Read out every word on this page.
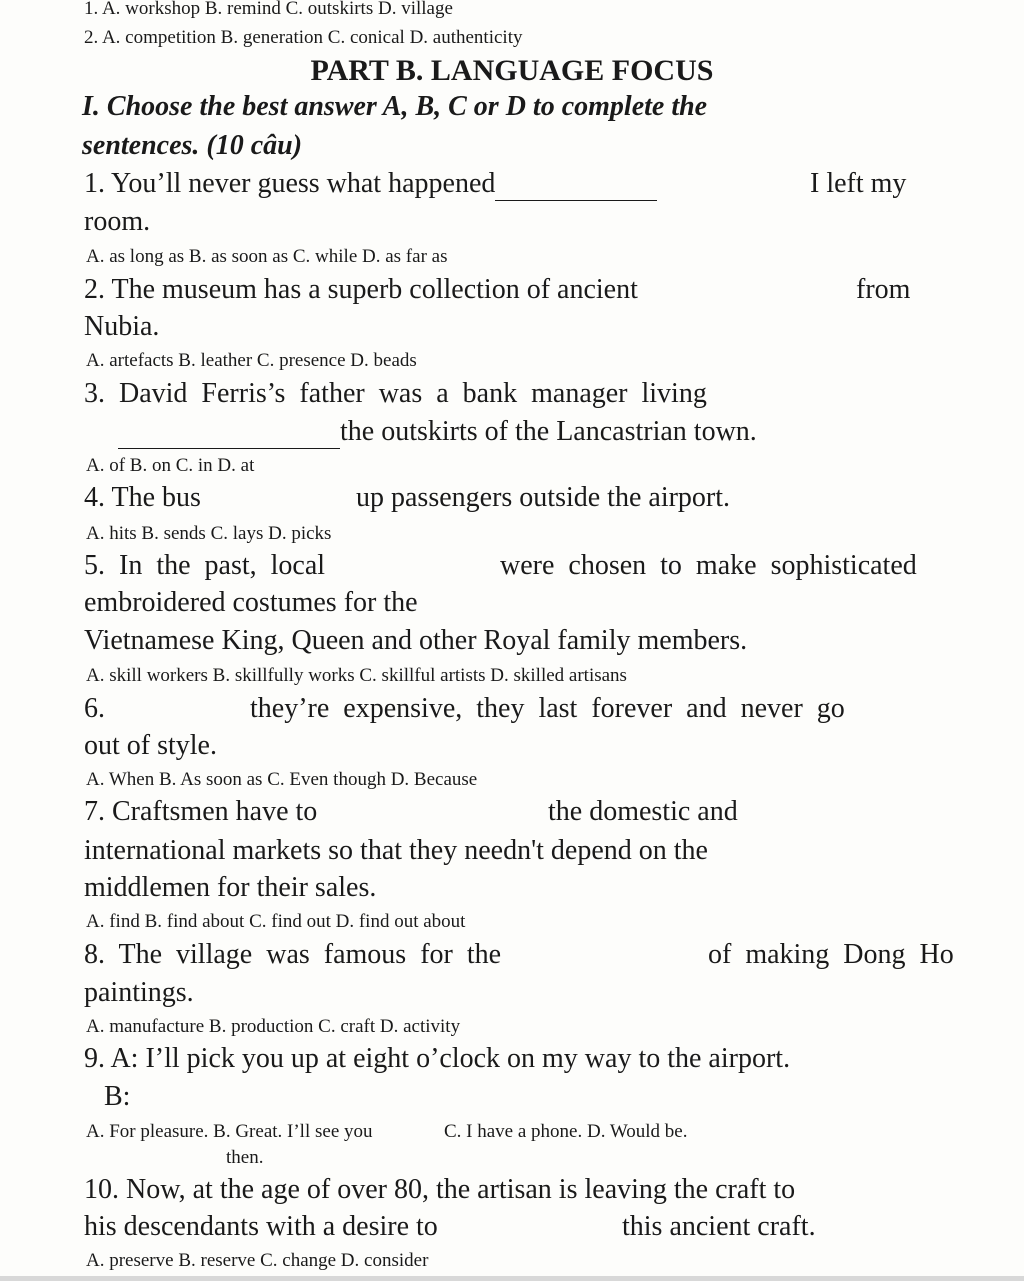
1. A. workshop B. remind C. outskirts D. village
2. A. competition B. generation C. conical D. authenticity
PART B. LANGUAGE FOCUS
I. Choose the best answer A, B, C or D to complete the
sentences. (10 câu)
1. You’ll never guess what happened	I left my
room.
A. as long as B. as soon as C. while D. as far as
2. The museum has a superb collection of ancient	from
Nubia.
A. artefacts B. leather C. presence D. beads
3.  David  Ferris’s  father  was  a  bank  manager  living
the outskirts of the Lancastrian town.
A. of B. on C. in D. at
4. The bus	up passengers outside the airport.
A. hits B. sends C. lays D. picks
5.  In  the  past,  local	were  chosen  to  make  sophisticated
embroidered costumes for the
Vietnamese King, Queen and other Royal family members.
A. skill workers B. skillfully works C. skillful artists D. skilled artisans
6.	they’re  expensive,  they  last  forever  and  never  go
out of style.
A. When B. As soon as C. Even though D. Because
7. Craftsmen have to	the domestic and
international markets so that they needn't depend on the
middlemen for their sales.
A. find B. find about C. find out D. find out about
8.  The  village  was  famous  for  the	of  making  Dong  Ho
paintings.
A. manufacture B. production C. craft D. activity
9. A: I’ll pick you up at eight o’clock on my way to the airport.
B:
A. For pleasure. B. Great. I’ll see you	C. I have a phone. D. Would be.
then.
10. Now, at the age of over 80, the artisan is leaving the craft to
his descendants with a desire to	this ancient craft.
A. preserve B. reserve C. change D. consider
